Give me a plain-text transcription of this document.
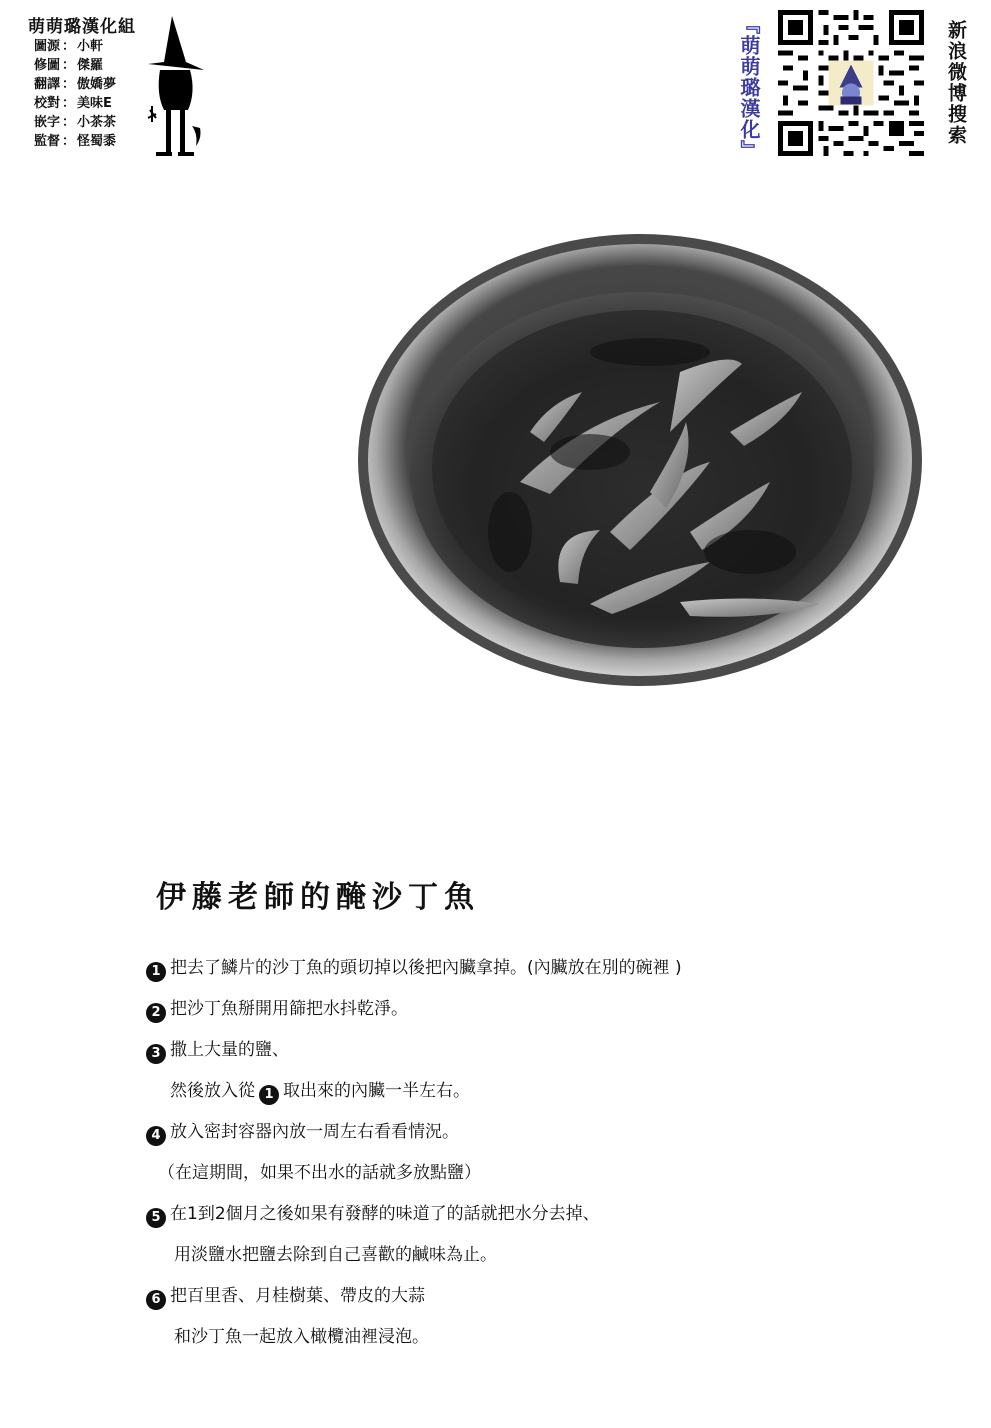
萌萌璐漢化組
圖源 ： 小軒
修圖 ： 傑羅
翻譯 ： 傲嬌夢
校對 ： 美味E
嵌字 ： 小茶茶
監督 ： 怪蜀黍	『萌萌璐漢化』	新浪微博搜索
伊藤老師的醃沙丁魚
1 把去了鱗片的沙丁魚的頭切掉以後把內臟拿掉。(內臟放在別的碗裡 )
2 把沙丁魚掰開用篩把水抖乾淨。
3 撒上大量的鹽、
然後放入從 1 取出來的內臟一半左右。
4 放入密封容器內放一周左右看看情況。
（在這期間，如果不出水的話就多放點鹽）
5 在1到2個月之後如果有發酵的味道了的話就把水分去掉、
用淡鹽水把鹽去除到自己喜歡的鹹味為止。
6 把百里香、月桂樹葉、帶皮的大蒜
和沙丁魚一起放入橄欖油裡浸泡。
